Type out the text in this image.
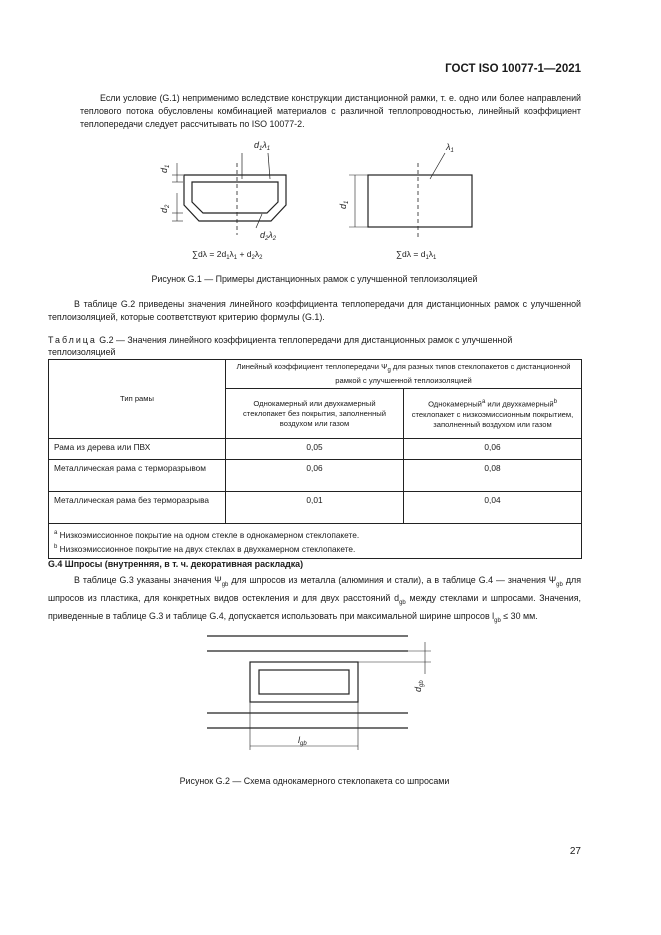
ГОСТ ISO 10077-1—2021
Если условие (G.1) неприменимо вследствие конструкции дистанционной рамки, т. е. одно или более направлений теплового потока обусловлены комбинацией материалов с различной теплопроводностью, линейный коэффициент теплопередачи следует рассчитывать по ISO 10077-2.
$d_1$
$d_2$
$d_1\lambda_1$
$d_2\lambda_2$
$\sum d\lambda = 2d_1\lambda_1 + d_2\lambda_2$
$d_1$
$\lambda_1$
$\sum d\lambda = d_1\lambda_1$
Рисунок G.1 — Примеры дистанционных рамок с улучшенной теплоизоляцией
В таблице G.2 приведены значения линейного коэффициента теплопередачи для дистанционных рамок с улучшенной теплоизоляцией, которые соответствуют критерию формулы (G.1).
Таблица G.2 — Значения линейного коэффициента теплопередачи для дистанционных рамок с улучшенной теплоизоляцией
Тип рамы	Линейный коэффициент теплопередачи $\Psi_g$ для разных типов стеклопакетов с дистанционной рамкой с улучшенной теплоизоляцией	
	Однокамерный или двухкамерный стеклопакет без покрытия, заполненный воздухом или газом	Однокамерный$^a$ или двухкамерный$^b$ стеклопакет с низкоэмиссионным покрытием, заполненный воздухом или газом
Рама из дерева или ПВХ	0,05	0,06
Металлическая рама с терморазрывом	0,06	0,08
Металлическая рама без терморазрыва	0,01	0,04

$^a$ Низкоэмиссионное покрытие на одном стекле в однокамерном стеклопакете.
$^b$ Низкоэмиссионное покрытие на двух стеклах в двухкамерном стеклопакете.		
G.4 Шпросы (внутренняя, в т. ч. декоративная раскладка)
В таблице G.3 указаны значения $\Psi_{gb}$ для шпросов из металла (алюминия и стали), а в таблице G.4 — значения $\Psi_{gb}$ для шпросов из пластика, для конкретных видов остекления и для двух расстояний $d_{gb}$ между стеклами и шпросами. Значения, приведенные в таблице G.3 и таблице G.4, допускается использовать при максимальной ширине шпросов $l_{gb} \le 30$ мм.
$d_{gb}$
$l_{gb}$
Рисунок G.2 — Схема однокамерного стеклопакета со шпросами
27
